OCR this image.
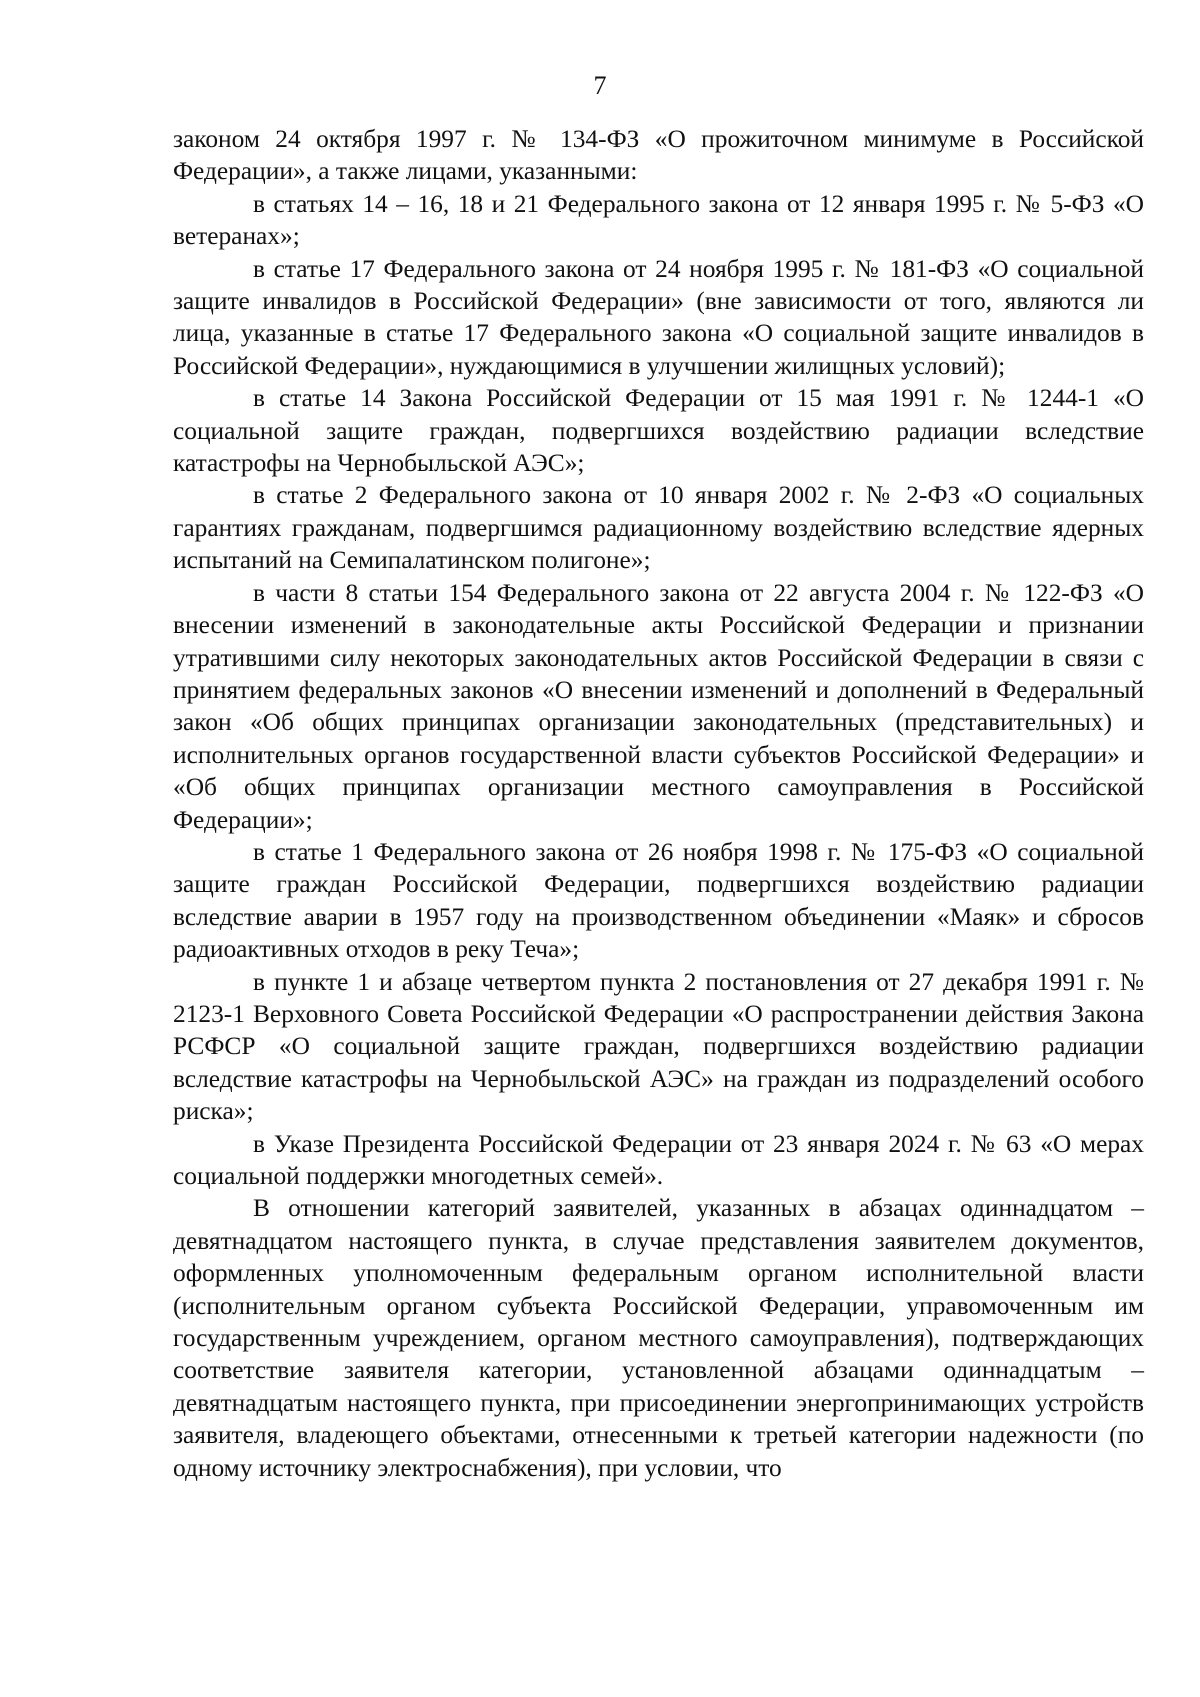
7

законом 24 октября 1997 г. № 134-ФЗ «О прожиточном минимуме в Российской Федерации», а также лицами, указанными:

в статьях 14 – 16, 18 и 21 Федерального закона от 12 января 1995 г. № 5-ФЗ «О ветеранах»;

в статье 17 Федерального закона от 24 ноября 1995 г. № 181-ФЗ «О социальной защите инвалидов в Российской Федерации» (вне зависимости от того, являются ли лица, указанные в статье 17 Федерального закона «О социальной защите инвалидов в Российской Федерации», нуждающимися в улучшении жилищных условий);

в статье 14 Закона Российской Федерации от 15 мая 1991 г. № 1244-1 «О социальной защите граждан, подвергшихся воздействию радиации вследствие катастрофы на Чернобыльской АЭС»;

в статье 2 Федерального закона от 10 января 2002 г. № 2-ФЗ «О социальных гарантиях гражданам, подвергшимся радиационному воздействию вследствие ядерных испытаний на Семипалатинском полигоне»;

в части 8 статьи 154 Федерального закона от 22 августа 2004 г. № 122-ФЗ «О внесении изменений в законодательные акты Российской Федерации и признании утратившими силу некоторых законодательных актов Российской Федерации в связи с принятием федеральных законов «О внесении изменений и дополнений в Федеральный закон «Об общих принципах организации законодательных (представительных) и исполнительных органов государственной власти субъектов Российской Федерации» и «Об общих принципах организации местного самоуправления в Российской Федерации»;

в статье 1 Федерального закона от 26 ноября 1998 г. № 175-ФЗ «О социальной защите граждан Российской Федерации, подвергшихся воздействию радиации вследствие аварии в 1957 году на производственном объединении «Маяк» и сбросов радиоактивных отходов в реку Теча»;

в пункте 1 и абзаце четвертом пункта 2 постановления от 27 декабря 1991 г. № 2123-1 Верховного Совета Российской Федерации «О распространении действия Закона РСФСР «О социальной защите граждан, подвергшихся воздействию радиации вследствие катастрофы на Чернобыльской АЭС» на граждан из подразделений особого риска»;

в Указе Президента Российской Федерации от 23 января 2024 г. № 63 «О мерах социальной поддержки многодетных семей».

В отношении категорий заявителей, указанных в абзацах одиннадцатом – девятнадцатом настоящего пункта, в случае представления заявителем документов, оформленных уполномоченным федеральным органом исполнительной власти (исполнительным органом субъекта Российской Федерации, управомоченным им государственным учреждением, органом местного самоуправления), подтверждающих соответствие заявителя категории, установленной абзацами одиннадцатым – девятнадцатым настоящего пункта, при присоединении энергопринимающих устройств заявителя, владеющего объектами, отнесенными к третьей категории надежности (по одному источнику электроснабжения), при условии, что
